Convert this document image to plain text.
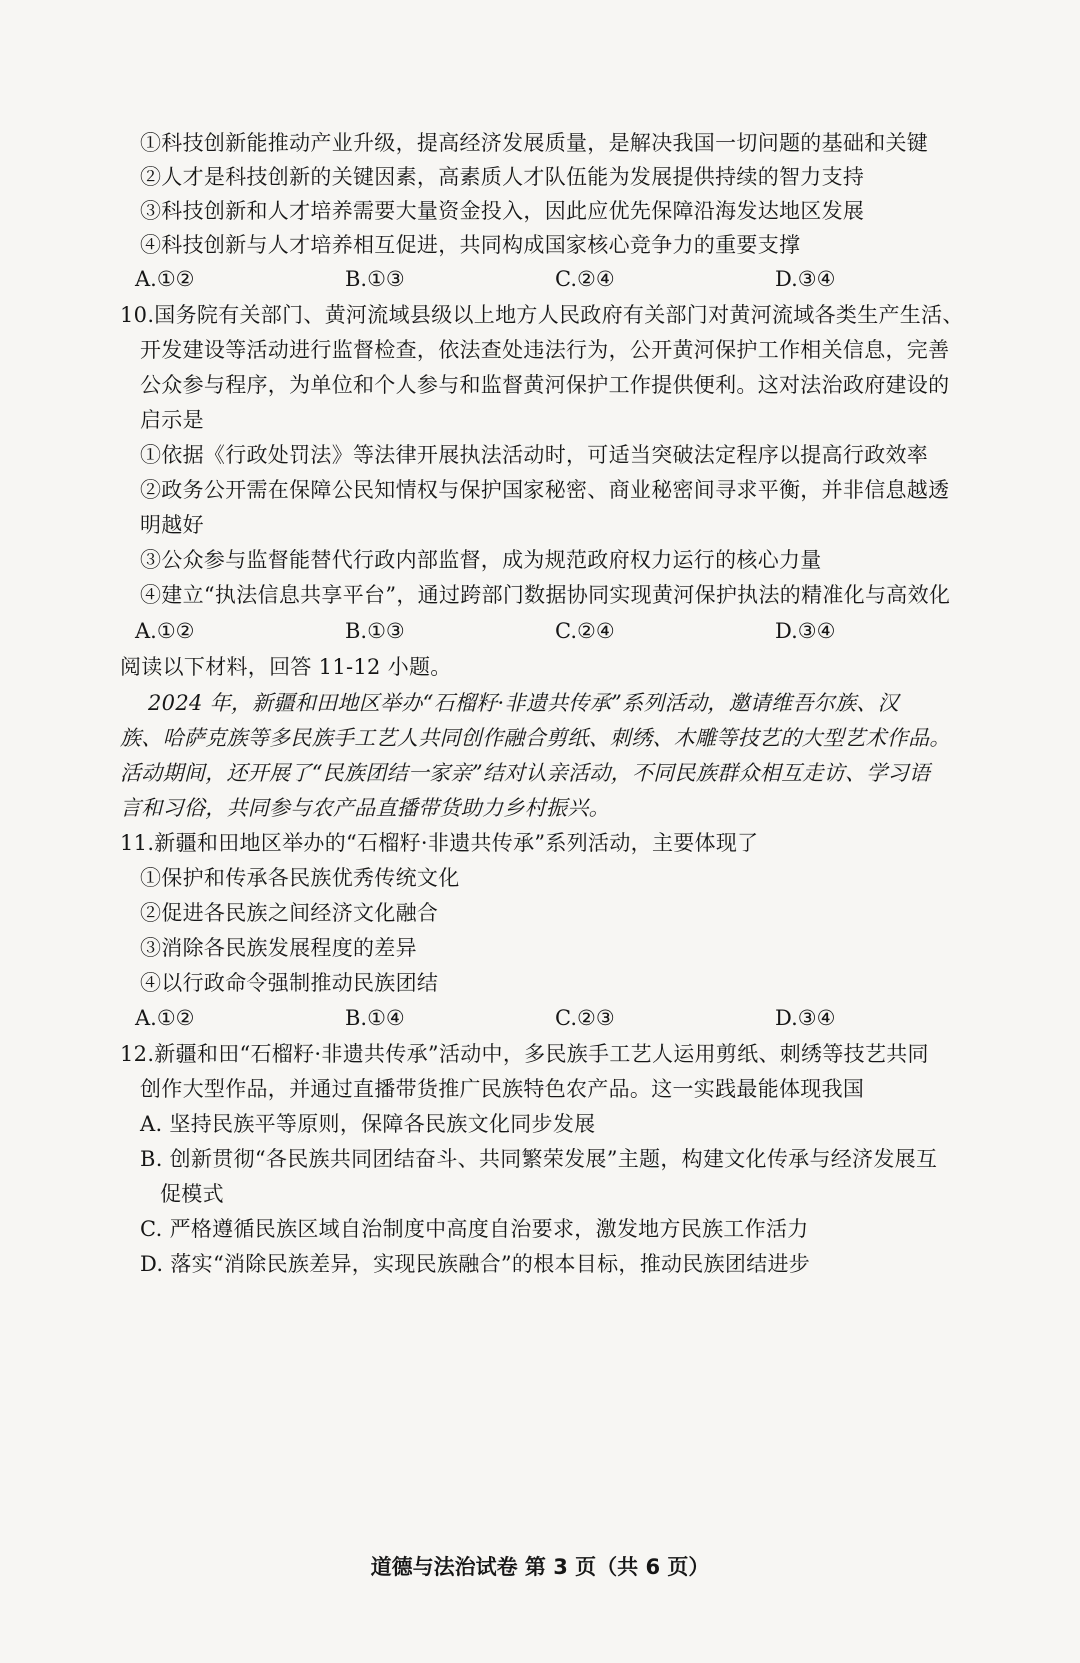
①科技创新能推动产业升级，提高经济发展质量，是解决我国一切问题的基础和关键
②人才是科技创新的关键因素，高素质人才队伍能为发展提供持续的智力支持
③科技创新和人才培养需要大量资金投入，因此应优先保障沿海发达地区发展
④科技创新与人才培养相互促进，共同构成国家核心竞争力的重要支撑
A.①②	B.①③	C.②④	D.③④
10.国务院有关部门、黄河流域县级以上地方人民政府有关部门对黄河流域各类生产生活、
开发建设等活动进行监督检查，依法查处违法行为，公开黄河保护工作相关信息，完善
公众参与程序，为单位和个人参与和监督黄河保护工作提供便利。这对法治政府建设的
启示是
①依据《行政处罚法》等法律开展执法活动时，可适当突破法定程序以提高行政效率
②政务公开需在保障公民知情权与保护国家秘密、商业秘密间寻求平衡，并非信息越透
明越好
③公众参与监督能替代行政内部监督，成为规范政府权力运行的核心力量
④建立“执法信息共享平台”，通过跨部门数据协同实现黄河保护执法的精准化与高效化
A.①②	B.①③	C.②④	D.③④
阅读以下材料，回答 11-12 小题。
2024 年，新疆和田地区举办“石榴籽·非遗共传承”系列活动，邀请维吾尔族、汉
族、哈萨克族等多民族手工艺人共同创作融合剪纸、刺绣、木雕等技艺的大型艺术作品。
活动期间，还开展了“民族团结一家亲”结对认亲活动，不同民族群众相互走访、学习语
言和习俗，共同参与农产品直播带货助力乡村振兴。
11.新疆和田地区举办的“石榴籽·非遗共传承”系列活动，主要体现了
①保护和传承各民族优秀传统文化
②促进各民族之间经济文化融合
③消除各民族发展程度的差异
④以行政命令强制推动民族团结
A.①②	B.①④	C.②③	D.③④
12.新疆和田“石榴籽·非遗共传承”活动中，多民族手工艺人运用剪纸、刺绣等技艺共同
创作大型作品，并通过直播带货推广民族特色农产品。这一实践最能体现我国
A. 坚持民族平等原则，保障各民族文化同步发展
B. 创新贯彻“各民族共同团结奋斗、共同繁荣发展”主题，构建文化传承与经济发展互
促模式
C. 严格遵循民族区域自治制度中高度自治要求，激发地方民族工作活力
D. 落实“消除民族差异，实现民族融合”的根本目标，推动民族团结进步
道德与法治试卷 第 3 页（共 6 页）
